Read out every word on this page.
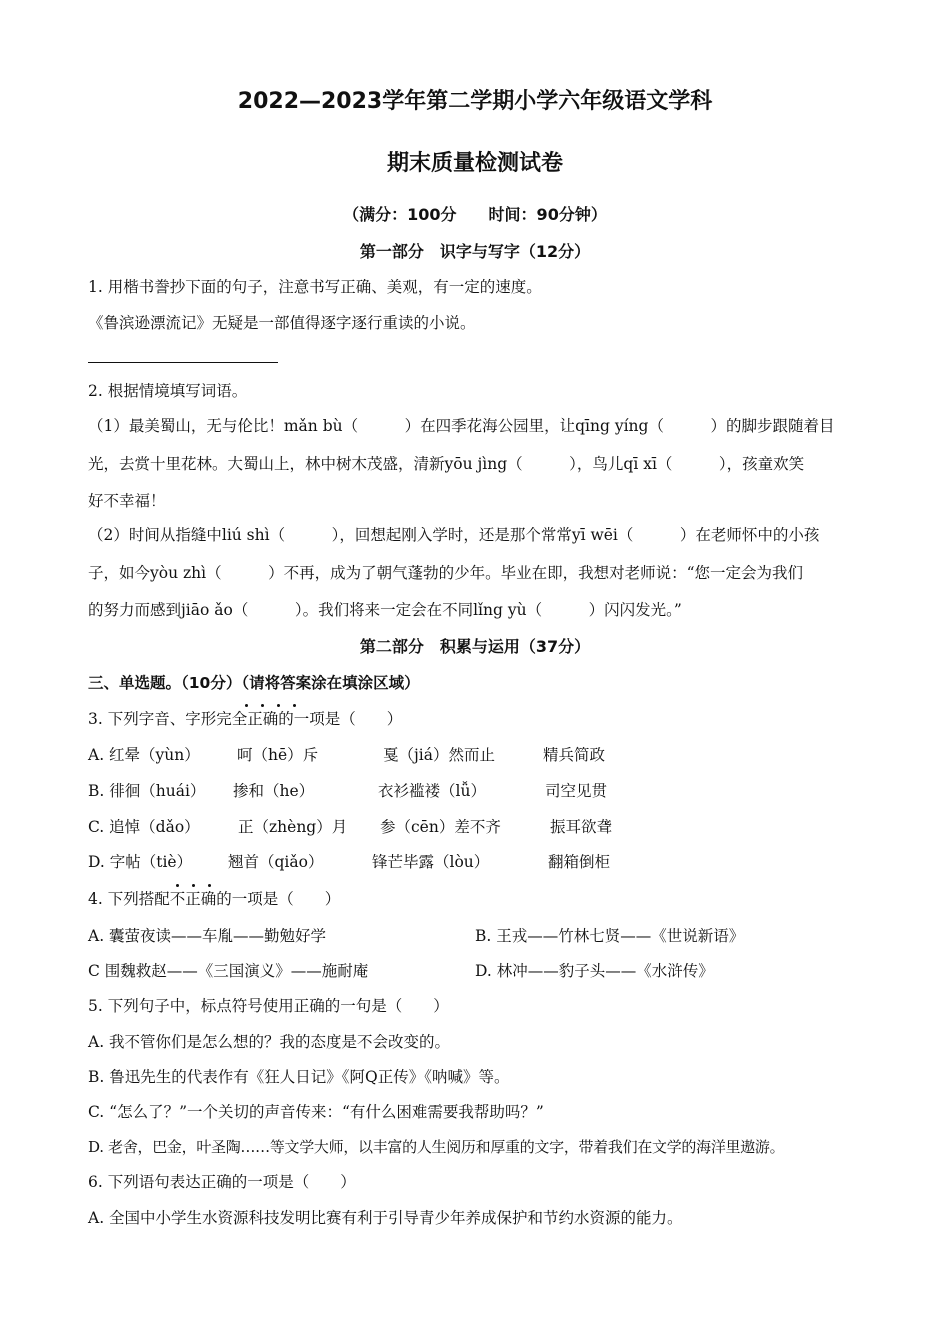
2022—2023学年第二学期小学六年级语文学科
期末质量检测试卷
（满分：100分　　时间：90分钟）
第一部分　识字与写字（12分）
1. 用楷书誊抄下面的句子，注意书写正确、美观，有一定的速度。
《鲁滨逊漂流记》无疑是一部值得逐字逐行重读的小说。
2. 根据情境填写词语。
（1）最美蜀山，无与伦比！mǎn bù（　　　）在四季花海公园里，让qīng yíng（　　　）的脚步跟随着目
光，去赏十里花林。大蜀山上，林中树木茂盛，清新yōu jìng（　　　），鸟儿qī xī（　　　），孩童欢笑
好不幸福！
（2）时间从指缝中liú shì（　　　），回想起刚入学时，还是那个常常yī wēi（　　　）在老师怀中的小孩
子，如今yòu zhì（　　　）不再，成为了朝气蓬勃的少年。毕业在即，我想对老师说：“您一定会为我们
的努力而感到jiāo ǎo（　　　）。我们将来一定会在不同lǐng yù（　　　）闪闪发光。”
第二部分　积累与运用（37分）
三、单选题。（10分）（请将答案涂在填涂区域）
3. 下列字音、字形完全正确的一项是（　　）
A. 红晕（yùn） 呵（hē）斥	戛（jiá）然而止	精兵简政
B. 徘徊（huái） 掺和（he）	衣衫褴褛（lǚ）	司空见贯
C. 追悼（dǎo） 正（zhèng）月 参（cēn）差不齐	振耳欲聋
D. 字帖（tiè） 翘首（qiǎo）	锋芒毕露（lòu）	翻箱倒柜
4. 下列搭配不正确的一项是（　　）
A. 囊萤夜读——车胤——勤勉好学	B. 王戎——竹林七贤——《世说新语》
C 围魏救赵——《三国演义》——施耐庵	D. 林冲——豹子头——《水浒传》
5. 下列句子中，标点符号使用正确的一句是（　　）
A. 我不管你们是怎么想的？我的态度是不会改变的。
B. 鲁迅先生的代表作有《狂人日记》《阿Q正传》《呐喊》等。
C. “怎么了？”一个关切的声音传来：“有什么困难需要我帮助吗？”
D. 老舍，巴金，叶圣陶……等文学大师，以丰富的人生阅历和厚重的文字，带着我们在文学的海洋里遨游。
6. 下列语句表达正确的一项是（　　）
A. 全国中小学生水资源科技发明比赛有利于引导青少年养成保护和节约水资源的能力。
